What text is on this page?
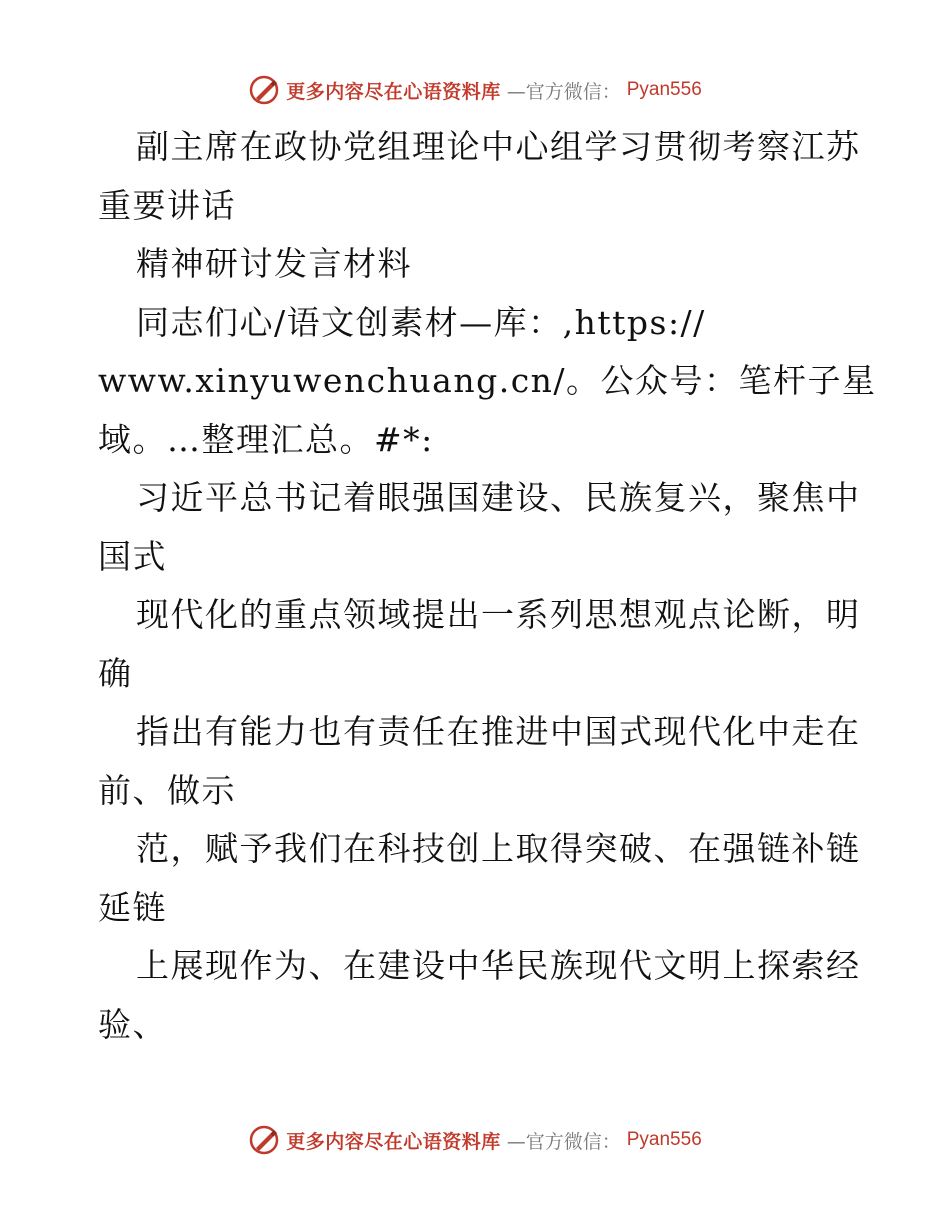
更多内容尽在心语资料库 —官方微信： Pyan556
副主席在政协党组理论中心组学习贯彻考察江苏
重要讲话
精神研讨发言材料
同志们心/语文创素材—库：,https://
www.xinyuwenchuang.cn/。公众号：笔杆子星
域。…整理汇总。#*:
习近平总书记着眼强国建设、民族复兴，聚焦中
国式
现代化的重点领域提出一系列思想观点论断，明
确
指出有能力也有责任在推进中国式现代化中走在
前、做示
范，赋予我们在科技创上取得突破、在强链补链
延链
上展现作为、在建设中华民族现代文明上探索经
验、
更多内容尽在心语资料库 —官方微信： Pyan556
